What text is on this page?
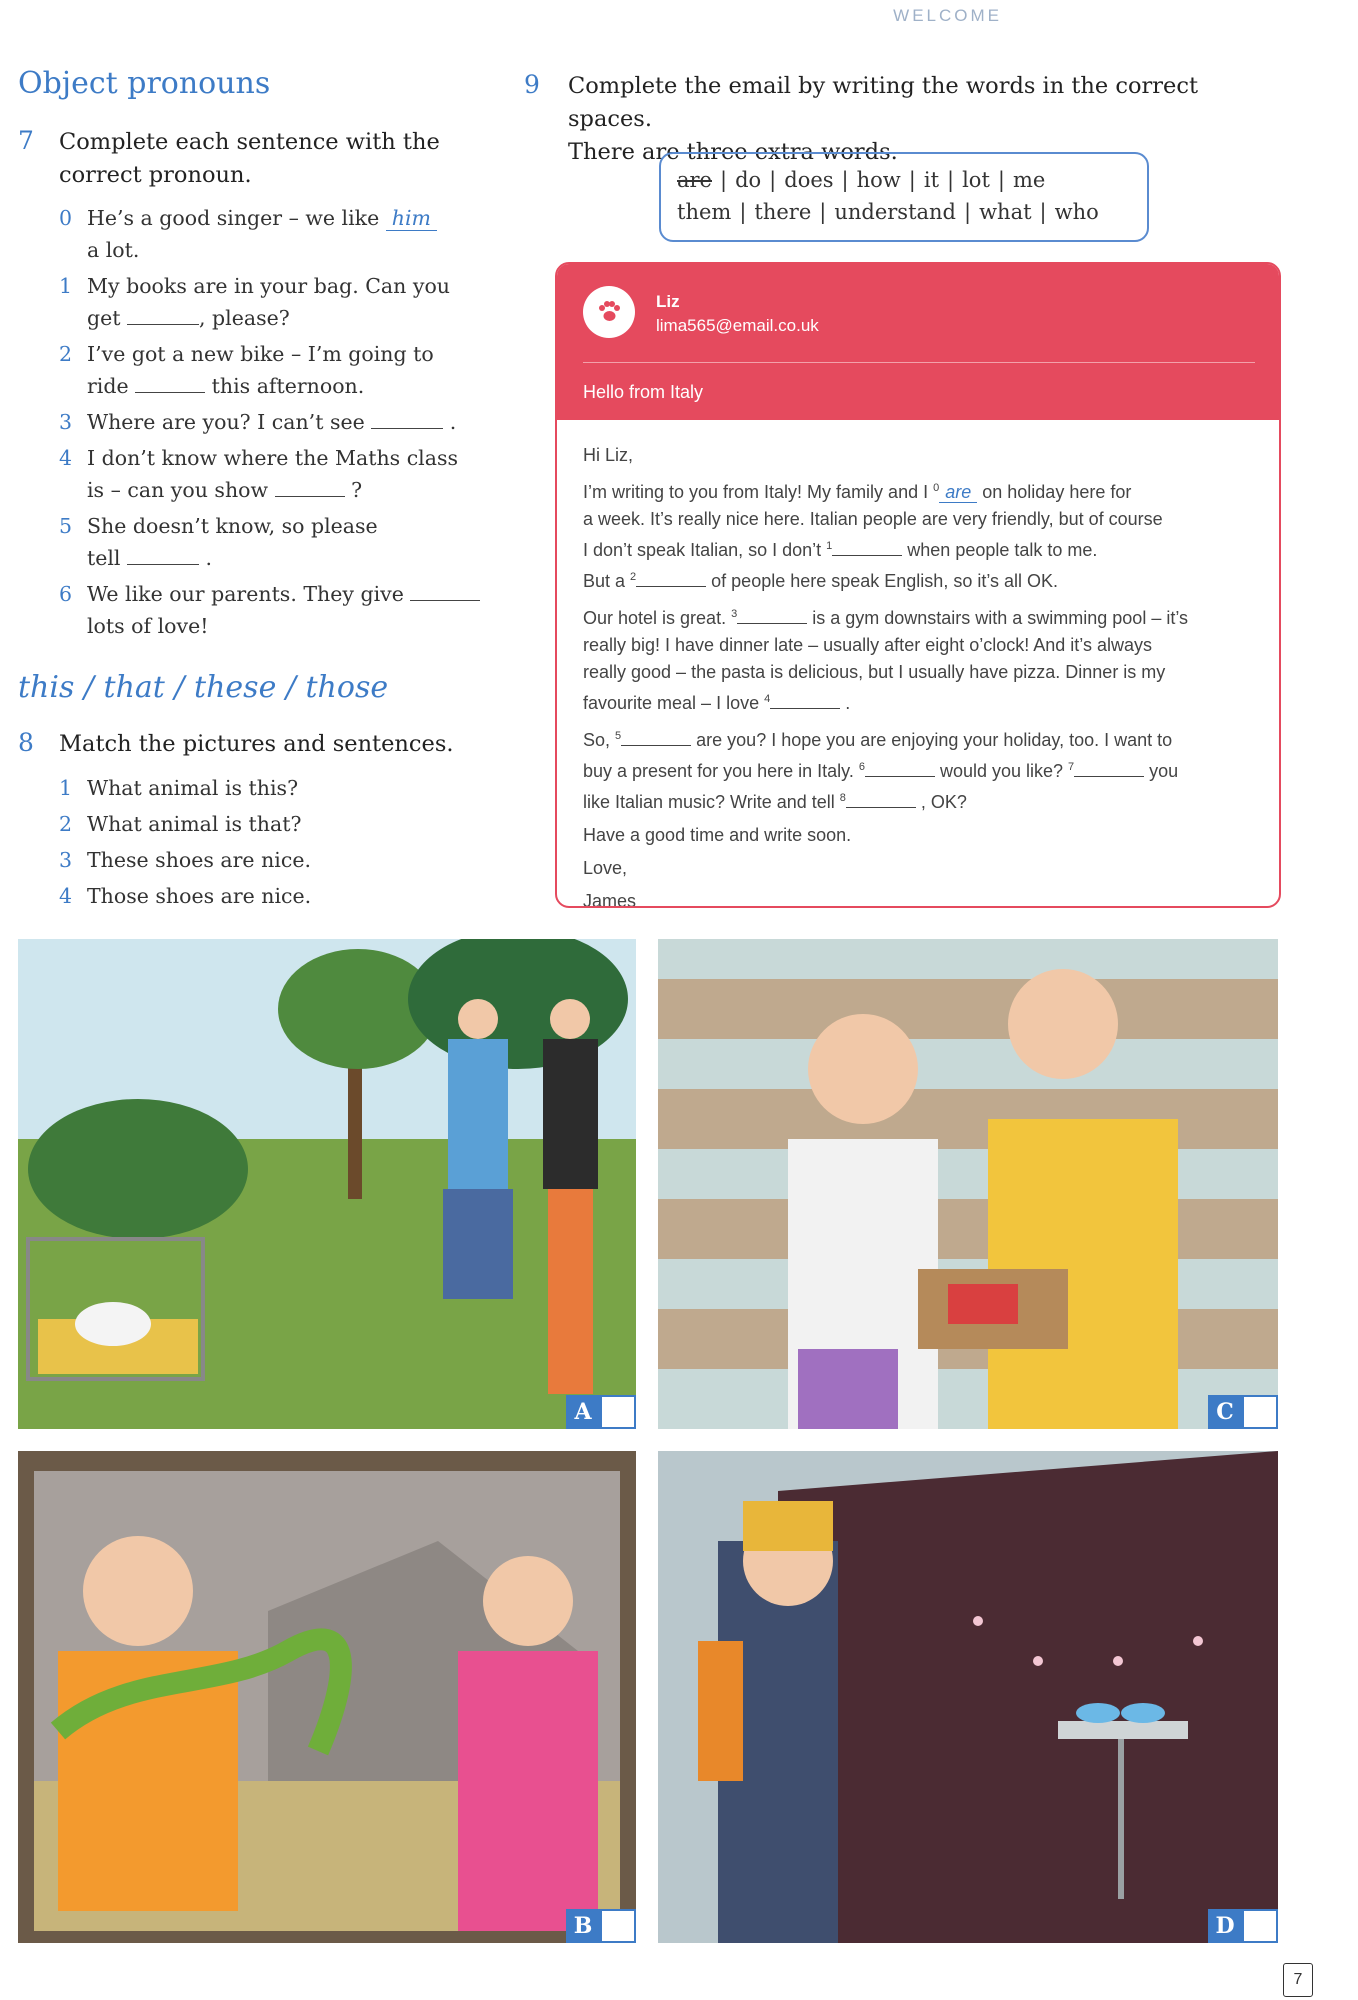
WELCOME
Object pronouns
7 Complete each sentence with the
correct pronoun.
0 He’s a good singer – we like him
a lot.
1 My books are in your bag. Can you
get	, please?
2 I’ve got a new bike – I’m going to
ride	this afternoon.
3 Where are you? I can’t see	.
4 I don’t know where the Maths class
is – can you show	?
5 She doesn’t know, so please
tell	.
6 We like our parents. They give
lots of love!
this / that / these / those
8 Match the pictures and sentences.
1 What animal is this?
2 What animal is that?
3 These shoes are nice.
4 Those shoes are nice.
9 Complete the email by writing the words in the correct spaces.
There are three extra words.
are | do | does | how | it | lot | me
them | there | understand | what | who
Liz
lima565@email.co.uk
Hello from Italy

Hi Liz,

I’m writing to you from Italy! My family and I $^0$ are on holiday here for
a week. It’s really nice here. Italian people are very friendly, but of course
I don’t speak Italian, so I don’t $^1$	when people talk to me.
But a $^2$	of people here speak English, so it’s all OK.

Our hotel is great. $^3$	is a gym downstairs with a swimming pool – it’s
really big! I have dinner late – usually after eight o’clock! And it’s always
really good – the pasta is delicious, but I usually have pizza. Dinner is my
favourite meal – I love $^4$	.

So, $^5$	are you? I hope you are enjoying your holiday, too. I want to
buy a present for you here in Italy. $^6$	would you like? $^7$	you
like Italian music? Write and tell $^8$	, OK?

Have a good time and write soon.

Love,

James

A	C
B	D
7
